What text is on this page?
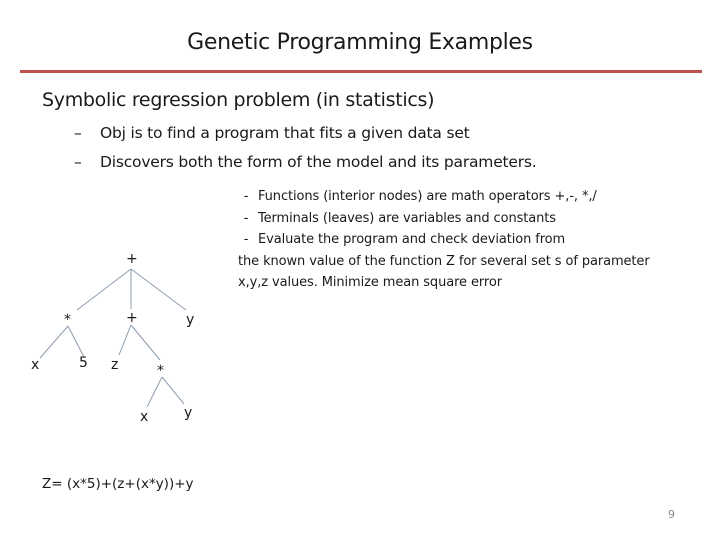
Genetic Programming Examples
Symbolic regression problem (in statistics)
– Obj is to find a program that fits a given data set
– Discovers both the form of the model and its parameters.
- Functions (interior nodes) are math operators +,-, *,/
- Terminals (leaves) are variables and constants
- Evaluate the program and check deviation from
the known value of the function Z for several set s of parameter
x,y,z values. Minimize mean square error
+
*	+	y
x	5 z	*
x	y
Z= (x*5)+(z+(x*y))+y
9
